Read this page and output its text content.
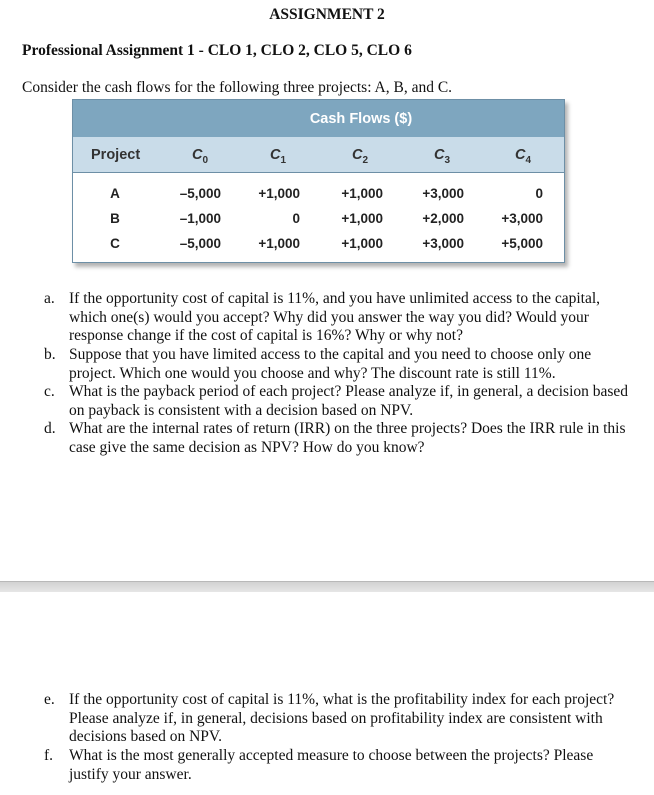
ASSIGNMENT 2
Professional Assignment 1 - CLO 1, CLO 2, CLO 5, CLO 6
Consider the cash flows for the following three projects: A, B, and C.
Cash Flows ($)
Project	$C_0$	$C_1$	$C_2$	$C_3$	$C_4$
A	–5,000	+1,000	+1,000	+3,000	0
B	–1,000	0	+1,000	+2,000	+3,000
C	–5,000	+1,000	+1,000	+3,000	+5,000
a. If the opportunity cost of capital is 11%, and you have unlimited access to the capital, which one(s) would you accept? Why did you answer the way you did? Would your response change if the cost of capital is 16%? Why or why not?
b. Suppose that you have limited access to the capital and you need to choose only one project. Which one would you choose and why? The discount rate is still 11%.
c. What is the payback period of each project? Please analyze if, in general, a decision based on payback is consistent with a decision based on NPV.
d. What are the internal rates of return (IRR) on the three projects? Does the IRR rule in this case give the same decision as NPV? How do you know?
e. If the opportunity cost of capital is 11%, what is the profitability index for each project? Please analyze if, in general, decisions based on profitability index are consistent with decisions based on NPV.
f.	What is the most generally accepted measure to choose between the projects? Please justify your answer.
